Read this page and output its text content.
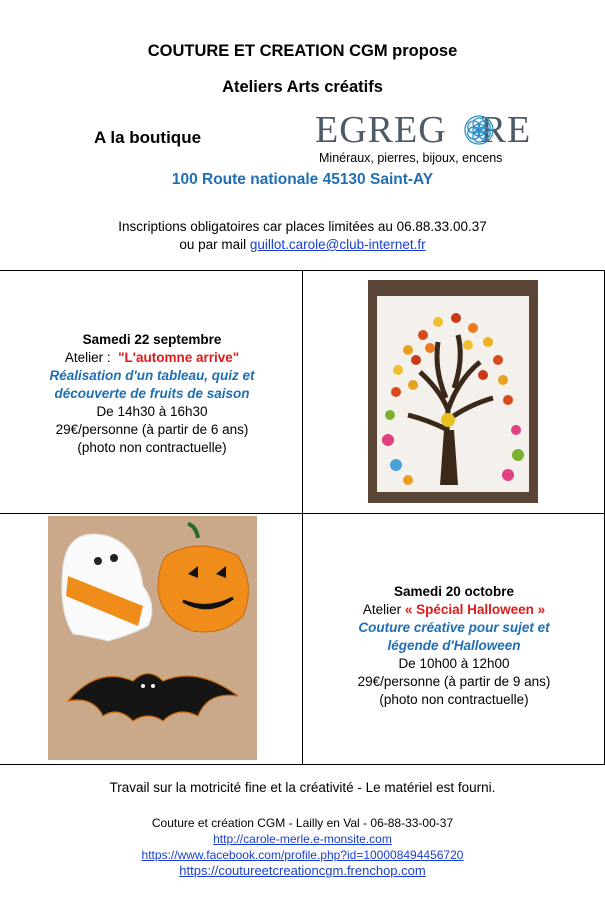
COUTURE ET CREATION CGM propose
Ateliers Arts créatifs
A la boutique	EGREG RE
Minéraux, pierres, bijoux, encens
100 Route nationale 45130 Saint-AY
Inscriptions obligatoires car places limitées au 06.88.33.00.37
ou par mail guillot.carole@club-internet.fr
Samedi 22 septembre
Atelier : "L'automne arrive"
Réalisation d'un tableau, quiz et
découverte de fruits de saison
De 14h30 à 16h30
29€/personne (à partir de 6 ans)
(photo non contractuelle)
Samedi 20 octobre
Atelier « Spécial Halloween »
Couture créative pour sujet et
légende d'Halloween
De 10h00 à 12h00
29€/personne (à partir de 9 ans)
(photo non contractuelle)
Travail sur la motricité fine et la créativité - Le matériel est fourni.
Couture et création CGM - Lailly en Val - 06-88-33-00-37
http://carole-merle.e-monsite.com
https://www.facebook.com/profile.php?id=100008494456720
https://coutureetcreationcgm.frenchop.com
